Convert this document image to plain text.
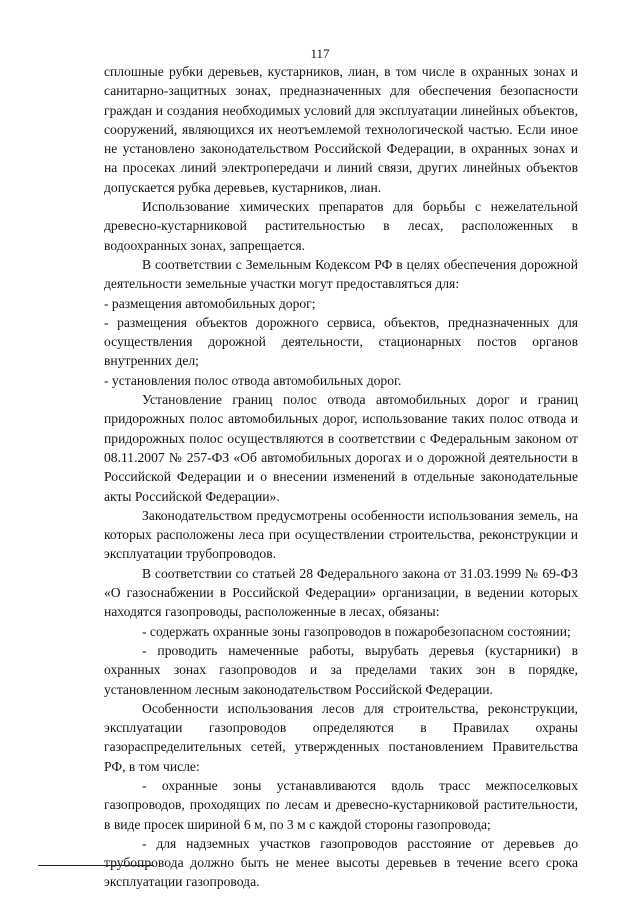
117

сплошные рубки деревьев, кустарников, лиан, в том числе в охранных зонах и санитарно-защитных зонах, предназначенных для обеспечения безопасности граждан и создания необходимых условий для эксплуатации линейных объектов, сооружений, являющихся их неотъемлемой технологической частью. Если иное не установлено законодательством Российской Федерации, в охранных зонах и на просеках линий электропередачи и линий связи, других линейных объектов допускается рубка деревьев, кустарников, лиан.

Использование химических препаратов для борьбы с нежелательной древесно-кустарниковой растительностью в лесах, расположенных в водоохранных зонах, запрещается.

В соответствии с Земельным Кодексом РФ в целях обеспечения дорожной деятельности земельные участки могут предоставляться для:

- размещения автомобильных дорог;

- размещения объектов дорожного сервиса, объектов, предназначенных для осуществления дорожной деятельности, стационарных постов органов внутренних дел;

- установления полос отвода автомобильных дорог.

Установление границ полос отвода автомобильных дорог и границ придорожных полос автомобильных дорог, использование таких полос отвода и придорожных полос осуществляются в соответствии с Федеральным законом от 08.11.2007 № 257-ФЗ «Об автомобильных дорогах и о дорожной деятельности в Российской Федерации и о внесении изменений в отдельные законодательные акты Российской Федерации».

Законодательством предусмотрены особенности использования земель, на которых расположены леса при осуществлении строительства, реконструкции и эксплуатации трубопроводов.

В соответствии со статьей 28 Федерального закона от 31.03.1999 № 69-ФЗ «О газоснабжении в Российской Федерации» организации, в ведении которых находятся газопроводы, расположенные в лесах, обязаны:

- содержать охранные зоны газопроводов в пожаробезопасном состоянии;

- проводить намеченные работы, вырубать деревья (кустарники) в охранных зонах газопроводов и за пределами таких зон в порядке, установленном лесным законодательством Российской Федерации.

Особенности использования лесов для строительства, реконструкции, эксплуатации газопроводов определяются в Правилах охраны газораспределительных сетей, утвержденных постановлением Правительства РФ, в том числе:

- охранные зоны устанавливаются вдоль трасс межпоселковых газопроводов, проходящих по лесам и древесно-кустарниковой растительности, в виде просек шириной 6 м, по 3 м с каждой стороны газопровода;

- для надземных участков газопроводов расстояние от деревьев до трубопровода должно быть не менее высоты деревьев в течение всего срока эксплуатации газопровода.
